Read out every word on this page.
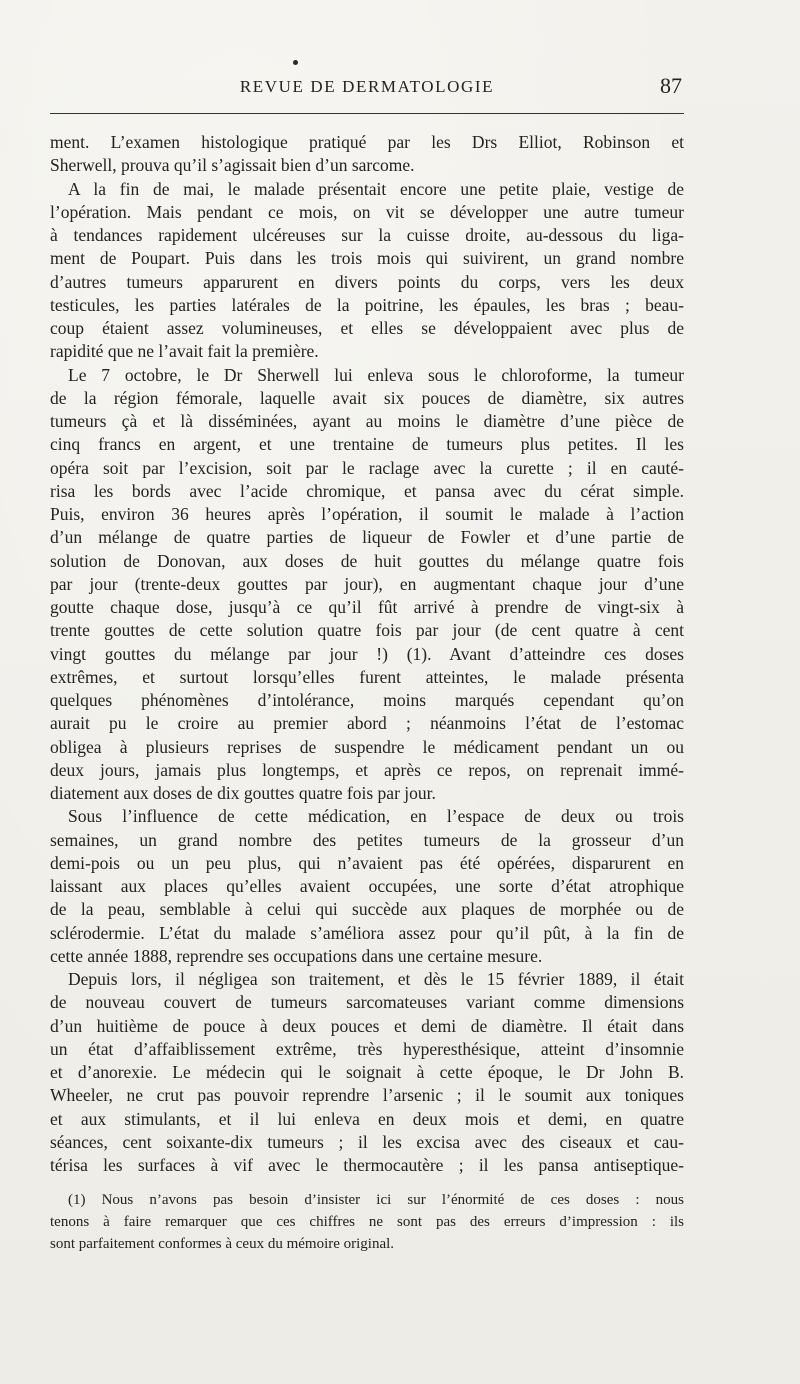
REVUE DE DERMATOLOGIE	87
ment. L’examen histologique pratiqué par les Drs Elliot, Robinson et
Sherwell, prouva qu’il s’agissait bien d’un sarcome.
A la fin de mai, le malade présentait encore une petite plaie, vestige de
l’opération. Mais pendant ce mois, on vit se développer une autre tumeur
à tendances rapidement ulcéreuses sur la cuisse droite, au-dessous du liga-
ment de Poupart. Puis dans les trois mois qui suivirent, un grand nombre
d’autres tumeurs apparurent en divers points du corps, vers les deux
testicules, les parties latérales de la poitrine, les épaules, les bras ; beau-
coup étaient assez volumineuses, et elles se développaient avec plus de
rapidité que ne l’avait fait la première.
Le 7 octobre, le Dr Sherwell lui enleva sous le chloroforme, la tumeur
de la région fémorale, laquelle avait six pouces de diamètre, six autres
tumeurs çà et là disséminées, ayant au moins le diamètre d’une pièce de
cinq francs en argent, et une trentaine de tumeurs plus petites. Il les
opéra soit par l’excision, soit par le raclage avec la curette ; il en cauté-
risa les bords avec l’acide chromique, et pansa avec du cérat simple.
Puis, environ 36 heures après l’opération, il soumit le malade à l’action
d’un mélange de quatre parties de liqueur de Fowler et d’une partie de
solution de Donovan, aux doses de huit gouttes du mélange quatre fois
par jour (trente-deux gouttes par jour), en augmentant chaque jour d’une
goutte chaque dose, jusqu’à ce qu’il fût arrivé à prendre de vingt-six à
trente gouttes de cette solution quatre fois par jour (de cent quatre à cent
vingt gouttes du mélange par jour !) (1). Avant d’atteindre ces doses
extrêmes, et surtout lorsqu’elles furent atteintes, le malade présenta
quelques phénomènes d’intolérance, moins marqués cependant qu’on
aurait pu le croire au premier abord ; néanmoins l’état de l’estomac
obligea à plusieurs reprises de suspendre le médicament pendant un ou
deux jours, jamais plus longtemps, et après ce repos, on reprenait immé-
diatement aux doses de dix gouttes quatre fois par jour.
Sous l’influence de cette médication, en l’espace de deux ou trois
semaines, un grand nombre des petites tumeurs de la grosseur d’un
demi-pois ou un peu plus, qui n’avaient pas été opérées, disparurent en
laissant aux places qu’elles avaient occupées, une sorte d’état atrophique
de la peau, semblable à celui qui succède aux plaques de morphée ou de
sclérodermie. L’état du malade s’améliora assez pour qu’il pût, à la fin de
cette année 1888, reprendre ses occupations dans une certaine mesure.
Depuis lors, il négligea son traitement, et dès le 15 février 1889, il était
de nouveau couvert de tumeurs sarcomateuses variant comme dimensions
d’un huitième de pouce à deux pouces et demi de diamètre. Il était dans
un état d’affaiblissement extrême, très hyperesthésique, atteint d’insomnie
et d’anorexie. Le médecin qui le soignait à cette époque, le Dr John B.
Wheeler, ne crut pas pouvoir reprendre l’arsenic ; il le soumit aux toniques
et aux stimulants, et il lui enleva en deux mois et demi, en quatre
séances, cent soixante-dix tumeurs ; il les excisa avec des ciseaux et cau-
térisa les surfaces à vif avec le thermocautère ; il les pansa antiseptique-
(1) Nous n’avons pas besoin d’insister ici sur l’énormité de ces doses : nous
tenons à faire remarquer que ces chiffres ne sont pas des erreurs d’impression : ils
sont parfaitement conformes à ceux du mémoire original.
